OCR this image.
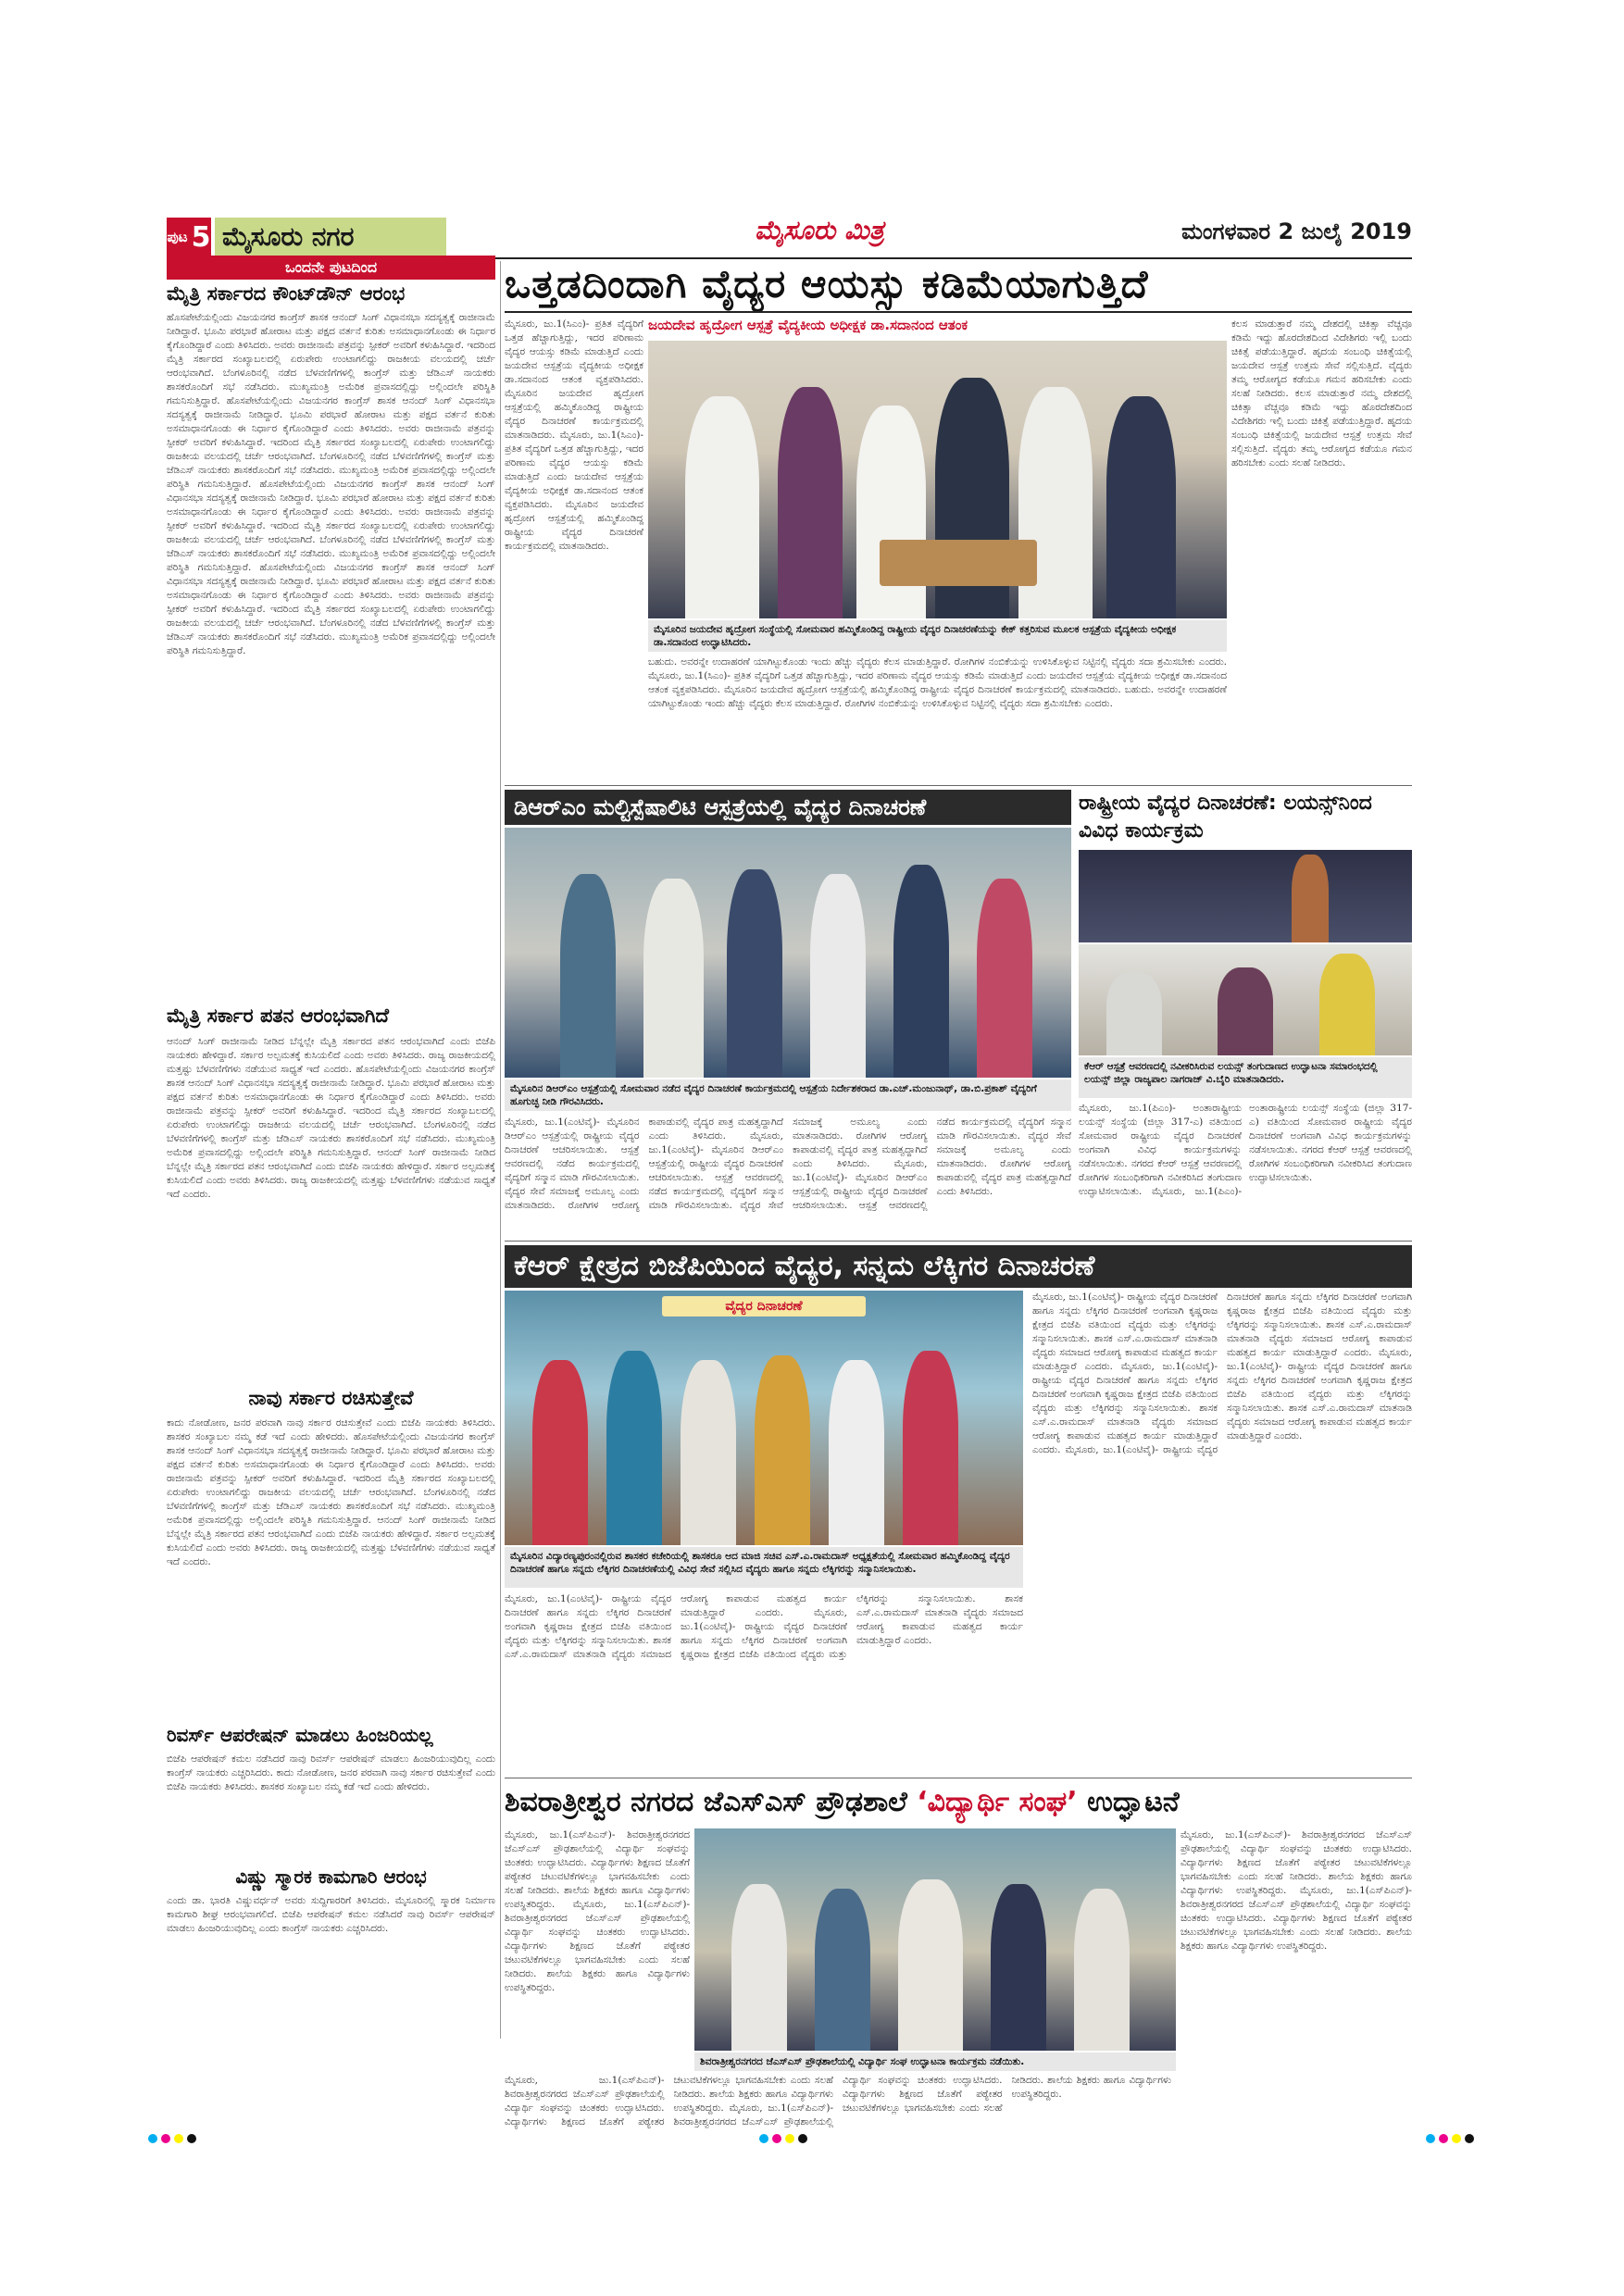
ಪುಟ 5 ಮೈಸೂರು ನಗರ	ಮೈಸೂರು ಮಿತ್ರ	ಮಂಗಳವಾರ 2 ಜುಲೈ 2019
ಒಂದನೇ ಪುಟದಿಂದ
ಮೈತ್ರಿ ಸರ್ಕಾರದ ಕೌಂಟ್‌ಡೌನ್ ಆರಂಭ
ಹೊಸಪೇಟೆಯಲ್ಲಿಂದು ವಿಜಯನಗರ ಕಾಂಗ್ರೆಸ್ ಶಾಸಕ ಆನಂದ್ ಸಿಂಗ್ ವಿಧಾನಸಭಾ ಸದಸ್ಯತ್ವಕ್ಕೆ ರಾಜೀನಾಮೆ ನೀಡಿದ್ದಾರೆ. ಭೂಮಿ ಪರಭಾರೆ ಹೋರಾಟ ಮತ್ತು ಪಕ್ಷದ ವರ್ತನೆ ಕುರಿತು ಅಸಮಾಧಾನಗೊಂಡು ಈ ನಿರ್ಧಾರ ಕೈಗೊಂಡಿದ್ದಾರೆ ಎಂದು ತಿಳಿಸಿದರು. ಅವರು ರಾಜೀನಾಮೆ ಪತ್ರವನ್ನು ಸ್ಪೀಕರ್ ಅವರಿಗೆ ಕಳುಹಿಸಿದ್ದಾರೆ. ಇದರಿಂದ ಮೈತ್ರಿ ಸರ್ಕಾರದ ಸಂಖ್ಯಾಬಲದಲ್ಲಿ ಏರುಪೇರು ಉಂಟಾಗಲಿದ್ದು ರಾಜಕೀಯ ವಲಯದಲ್ಲಿ ಚರ್ಚೆ ಆರಂಭವಾಗಿದೆ. ಬೆಂಗಳೂರಿನಲ್ಲಿ ನಡೆದ ಬೆಳವಣಿಗೆಗಳಲ್ಲಿ ಕಾಂಗ್ರೆಸ್ ಮತ್ತು ಜೆಡಿಎಸ್ ನಾಯಕರು ಶಾಸಕರೊಂದಿಗೆ ಸಭೆ ನಡೆಸಿದರು. ಮುಖ್ಯಮಂತ್ರಿ ಅಮೆರಿಕ ಪ್ರವಾಸದಲ್ಲಿದ್ದು ಅಲ್ಲಿಂದಲೇ ಪರಿಸ್ಥಿತಿ ಗಮನಿಸುತ್ತಿದ್ದಾರೆ. ಹೊಸಪೇಟೆಯಲ್ಲಿಂದು ವಿಜಯನಗರ ಕಾಂಗ್ರೆಸ್ ಶಾಸಕ ಆನಂದ್ ಸಿಂಗ್ ವಿಧಾನಸಭಾ ಸದಸ್ಯತ್ವಕ್ಕೆ ರಾಜೀನಾಮೆ ನೀಡಿದ್ದಾರೆ. ಭೂಮಿ ಪರಭಾರೆ ಹೋರಾಟ ಮತ್ತು ಪಕ್ಷದ ವರ್ತನೆ ಕುರಿತು ಅಸಮಾಧಾನಗೊಂಡು ಈ ನಿರ್ಧಾರ ಕೈಗೊಂಡಿದ್ದಾರೆ ಎಂದು ತಿಳಿಸಿದರು. ಅವರು ರಾಜೀನಾಮೆ ಪತ್ರವನ್ನು ಸ್ಪೀಕರ್ ಅವರಿಗೆ ಕಳುಹಿಸಿದ್ದಾರೆ. ಇದರಿಂದ ಮೈತ್ರಿ ಸರ್ಕಾರದ ಸಂಖ್ಯಾಬಲದಲ್ಲಿ ಏರುಪೇರು ಉಂಟಾಗಲಿದ್ದು ರಾಜಕೀಯ ವಲಯದಲ್ಲಿ ಚರ್ಚೆ ಆರಂಭವಾಗಿದೆ. ಬೆಂಗಳೂರಿನಲ್ಲಿ ನಡೆದ ಬೆಳವಣಿಗೆಗಳಲ್ಲಿ ಕಾಂಗ್ರೆಸ್ ಮತ್ತು ಜೆಡಿಎಸ್ ನಾಯಕರು ಶಾಸಕರೊಂದಿಗೆ ಸಭೆ ನಡೆಸಿದರು. ಮುಖ್ಯಮಂತ್ರಿ ಅಮೆರಿಕ ಪ್ರವಾಸದಲ್ಲಿದ್ದು ಅಲ್ಲಿಂದಲೇ ಪರಿಸ್ಥಿತಿ ಗಮನಿಸುತ್ತಿದ್ದಾರೆ. ಹೊಸಪೇಟೆಯಲ್ಲಿಂದು ವಿಜಯನಗರ ಕಾಂಗ್ರೆಸ್ ಶಾಸಕ ಆನಂದ್ ಸಿಂಗ್ ವಿಧಾನಸಭಾ ಸದಸ್ಯತ್ವಕ್ಕೆ ರಾಜೀನಾಮೆ ನೀಡಿದ್ದಾರೆ. ಭೂಮಿ ಪರಭಾರೆ ಹೋರಾಟ ಮತ್ತು ಪಕ್ಷದ ವರ್ತನೆ ಕುರಿತು ಅಸಮಾಧಾನಗೊಂಡು ಈ ನಿರ್ಧಾರ ಕೈಗೊಂಡಿದ್ದಾರೆ ಎಂದು ತಿಳಿಸಿದರು. ಅವರು ರಾಜೀನಾಮೆ ಪತ್ರವನ್ನು ಸ್ಪೀಕರ್ ಅವರಿಗೆ ಕಳುಹಿಸಿದ್ದಾರೆ. ಇದರಿಂದ ಮೈತ್ರಿ ಸರ್ಕಾರದ ಸಂಖ್ಯಾಬಲದಲ್ಲಿ ಏರುಪೇರು ಉಂಟಾಗಲಿದ್ದು ರಾಜಕೀಯ ವಲಯದಲ್ಲಿ ಚರ್ಚೆ ಆರಂಭವಾಗಿದೆ. ಬೆಂಗಳೂರಿನಲ್ಲಿ ನಡೆದ ಬೆಳವಣಿಗೆಗಳಲ್ಲಿ ಕಾಂಗ್ರೆಸ್ ಮತ್ತು ಜೆಡಿಎಸ್ ನಾಯಕರು ಶಾಸಕರೊಂದಿಗೆ ಸಭೆ ನಡೆಸಿದರು. ಮುಖ್ಯಮಂತ್ರಿ ಅಮೆರಿಕ ಪ್ರವಾಸದಲ್ಲಿದ್ದು ಅಲ್ಲಿಂದಲೇ ಪರಿಸ್ಥಿತಿ ಗಮನಿಸುತ್ತಿದ್ದಾರೆ. ಹೊಸಪೇಟೆಯಲ್ಲಿಂದು ವಿಜಯನಗರ ಕಾಂಗ್ರೆಸ್ ಶಾಸಕ ಆನಂದ್ ಸಿಂಗ್ ವಿಧಾನಸಭಾ ಸದಸ್ಯತ್ವಕ್ಕೆ ರಾಜೀನಾಮೆ ನೀಡಿದ್ದಾರೆ. ಭೂಮಿ ಪರಭಾರೆ ಹೋರಾಟ ಮತ್ತು ಪಕ್ಷದ ವರ್ತನೆ ಕುರಿತು ಅಸಮಾಧಾನಗೊಂಡು ಈ ನಿರ್ಧಾರ ಕೈಗೊಂಡಿದ್ದಾರೆ ಎಂದು ತಿಳಿಸಿದರು. ಅವರು ರಾಜೀನಾಮೆ ಪತ್ರವನ್ನು ಸ್ಪೀಕರ್ ಅವರಿಗೆ ಕಳುಹಿಸಿದ್ದಾರೆ. ಇದರಿಂದ ಮೈತ್ರಿ ಸರ್ಕಾರದ ಸಂಖ್ಯಾಬಲದಲ್ಲಿ ಏರುಪೇರು ಉಂಟಾಗಲಿದ್ದು ರಾಜಕೀಯ ವಲಯದಲ್ಲಿ ಚರ್ಚೆ ಆರಂಭವಾಗಿದೆ. ಬೆಂಗಳೂರಿನಲ್ಲಿ ನಡೆದ ಬೆಳವಣಿಗೆಗಳಲ್ಲಿ ಕಾಂಗ್ರೆಸ್ ಮತ್ತು ಜೆಡಿಎಸ್ ನಾಯಕರು ಶಾಸಕರೊಂದಿಗೆ ಸಭೆ ನಡೆಸಿದರು. ಮುಖ್ಯಮಂತ್ರಿ ಅಮೆರಿಕ ಪ್ರವಾಸದಲ್ಲಿದ್ದು ಅಲ್ಲಿಂದಲೇ ಪರಿಸ್ಥಿತಿ ಗಮನಿಸುತ್ತಿದ್ದಾರೆ.
ಮೈತ್ರಿ ಸರ್ಕಾರ ಪತನ ಆರಂಭವಾಗಿದೆ
ಆನಂದ್ ಸಿಂಗ್ ರಾಜೀನಾಮೆ ನೀಡಿದ ಬೆನ್ನಲ್ಲೇ ಮೈತ್ರಿ ಸರ್ಕಾರದ ಪತನ ಆರಂಭವಾಗಿದೆ ಎಂದು ಬಿಜೆಪಿ ನಾಯಕರು ಹೇಳಿದ್ದಾರೆ. ಸರ್ಕಾರ ಅಲ್ಪಮತಕ್ಕೆ ಕುಸಿಯಲಿದೆ ಎಂದು ಅವರು ತಿಳಿಸಿದರು. ರಾಜ್ಯ ರಾಜಕೀಯದಲ್ಲಿ ಮತ್ತಷ್ಟು ಬೆಳವಣಿಗೆಗಳು ನಡೆಯುವ ಸಾಧ್ಯತೆ ಇದೆ ಎಂದರು. ಹೊಸಪೇಟೆಯಲ್ಲಿಂದು ವಿಜಯನಗರ ಕಾಂಗ್ರೆಸ್ ಶಾಸಕ ಆನಂದ್ ಸಿಂಗ್ ವಿಧಾನಸಭಾ ಸದಸ್ಯತ್ವಕ್ಕೆ ರಾಜೀನಾಮೆ ನೀಡಿದ್ದಾರೆ. ಭೂಮಿ ಪರಭಾರೆ ಹೋರಾಟ ಮತ್ತು ಪಕ್ಷದ ವರ್ತನೆ ಕುರಿತು ಅಸಮಾಧಾನಗೊಂಡು ಈ ನಿರ್ಧಾರ ಕೈಗೊಂಡಿದ್ದಾರೆ ಎಂದು ತಿಳಿಸಿದರು. ಅವರು ರಾಜೀನಾಮೆ ಪತ್ರವನ್ನು ಸ್ಪೀಕರ್ ಅವರಿಗೆ ಕಳುಹಿಸಿದ್ದಾರೆ. ಇದರಿಂದ ಮೈತ್ರಿ ಸರ್ಕಾರದ ಸಂಖ್ಯಾಬಲದಲ್ಲಿ ಏರುಪೇರು ಉಂಟಾಗಲಿದ್ದು ರಾಜಕೀಯ ವಲಯದಲ್ಲಿ ಚರ್ಚೆ ಆರಂಭವಾಗಿದೆ. ಬೆಂಗಳೂರಿನಲ್ಲಿ ನಡೆದ ಬೆಳವಣಿಗೆಗಳಲ್ಲಿ ಕಾಂಗ್ರೆಸ್ ಮತ್ತು ಜೆಡಿಎಸ್ ನಾಯಕರು ಶಾಸಕರೊಂದಿಗೆ ಸಭೆ ನಡೆಸಿದರು. ಮುಖ್ಯಮಂತ್ರಿ ಅಮೆರಿಕ ಪ್ರವಾಸದಲ್ಲಿದ್ದು ಅಲ್ಲಿಂದಲೇ ಪರಿಸ್ಥಿತಿ ಗಮನಿಸುತ್ತಿದ್ದಾರೆ. ಆನಂದ್ ಸಿಂಗ್ ರಾಜೀನಾಮೆ ನೀಡಿದ ಬೆನ್ನಲ್ಲೇ ಮೈತ್ರಿ ಸರ್ಕಾರದ ಪತನ ಆರಂಭವಾಗಿದೆ ಎಂದು ಬಿಜೆಪಿ ನಾಯಕರು ಹೇಳಿದ್ದಾರೆ. ಸರ್ಕಾರ ಅಲ್ಪಮತಕ್ಕೆ ಕುಸಿಯಲಿದೆ ಎಂದು ಅವರು ತಿಳಿಸಿದರು. ರಾಜ್ಯ ರಾಜಕೀಯದಲ್ಲಿ ಮತ್ತಷ್ಟು ಬೆಳವಣಿಗೆಗಳು ನಡೆಯುವ ಸಾಧ್ಯತೆ ಇದೆ ಎಂದರು.
ನಾವು ಸರ್ಕಾರ ರಚಿಸುತ್ತೇವೆ
ಕಾದು ನೋಡೋಣ, ಜನರ ಪರವಾಗಿ ನಾವು ಸರ್ಕಾರ ರಚಿಸುತ್ತೇವೆ ಎಂದು ಬಿಜೆಪಿ ನಾಯಕರು ತಿಳಿಸಿದರು. ಶಾಸಕರ ಸಂಖ್ಯಾಬಲ ನಮ್ಮ ಕಡೆ ಇದೆ ಎಂದು ಹೇಳಿದರು. ಹೊಸಪೇಟೆಯಲ್ಲಿಂದು ವಿಜಯನಗರ ಕಾಂಗ್ರೆಸ್ ಶಾಸಕ ಆನಂದ್ ಸಿಂಗ್ ವಿಧಾನಸಭಾ ಸದಸ್ಯತ್ವಕ್ಕೆ ರಾಜೀನಾಮೆ ನೀಡಿದ್ದಾರೆ. ಭೂಮಿ ಪರಭಾರೆ ಹೋರಾಟ ಮತ್ತು ಪಕ್ಷದ ವರ್ತನೆ ಕುರಿತು ಅಸಮಾಧಾನಗೊಂಡು ಈ ನಿರ್ಧಾರ ಕೈಗೊಂಡಿದ್ದಾರೆ ಎಂದು ತಿಳಿಸಿದರು. ಅವರು ರಾಜೀನಾಮೆ ಪತ್ರವನ್ನು ಸ್ಪೀಕರ್ ಅವರಿಗೆ ಕಳುಹಿಸಿದ್ದಾರೆ. ಇದರಿಂದ ಮೈತ್ರಿ ಸರ್ಕಾರದ ಸಂಖ್ಯಾಬಲದಲ್ಲಿ ಏರುಪೇರು ಉಂಟಾಗಲಿದ್ದು ರಾಜಕೀಯ ವಲಯದಲ್ಲಿ ಚರ್ಚೆ ಆರಂಭವಾಗಿದೆ. ಬೆಂಗಳೂರಿನಲ್ಲಿ ನಡೆದ ಬೆಳವಣಿಗೆಗಳಲ್ಲಿ ಕಾಂಗ್ರೆಸ್ ಮತ್ತು ಜೆಡಿಎಸ್ ನಾಯಕರು ಶಾಸಕರೊಂದಿಗೆ ಸಭೆ ನಡೆಸಿದರು. ಮುಖ್ಯಮಂತ್ರಿ ಅಮೆರಿಕ ಪ್ರವಾಸದಲ್ಲಿದ್ದು ಅಲ್ಲಿಂದಲೇ ಪರಿಸ್ಥಿತಿ ಗಮನಿಸುತ್ತಿದ್ದಾರೆ. ಆನಂದ್ ಸಿಂಗ್ ರಾಜೀನಾಮೆ ನೀಡಿದ ಬೆನ್ನಲ್ಲೇ ಮೈತ್ರಿ ಸರ್ಕಾರದ ಪತನ ಆರಂಭವಾಗಿದೆ ಎಂದು ಬಿಜೆಪಿ ನಾಯಕರು ಹೇಳಿದ್ದಾರೆ. ಸರ್ಕಾರ ಅಲ್ಪಮತಕ್ಕೆ ಕುಸಿಯಲಿದೆ ಎಂದು ಅವರು ತಿಳಿಸಿದರು. ರಾಜ್ಯ ರಾಜಕೀಯದಲ್ಲಿ ಮತ್ತಷ್ಟು ಬೆಳವಣಿಗೆಗಳು ನಡೆಯುವ ಸಾಧ್ಯತೆ ಇದೆ ಎಂದರು.
ರಿವರ್ಸ್ ಆಪರೇಷನ್ ಮಾಡಲು ಹಿಂಜರಿಯಲ್ಲ
ಬಿಜೆಪಿ ಆಪರೇಷನ್ ಕಮಲ ನಡೆಸಿದರೆ ನಾವು ರಿವರ್ಸ್ ಆಪರೇಷನ್ ಮಾಡಲು ಹಿಂಜರಿಯುವುದಿಲ್ಲ ಎಂದು ಕಾಂಗ್ರೆಸ್ ನಾಯಕರು ಎಚ್ಚರಿಸಿದರು. ಕಾದು ನೋಡೋಣ, ಜನರ ಪರವಾಗಿ ನಾವು ಸರ್ಕಾರ ರಚಿಸುತ್ತೇವೆ ಎಂದು ಬಿಜೆಪಿ ನಾಯಕರು ತಿಳಿಸಿದರು. ಶಾಸಕರ ಸಂಖ್ಯಾಬಲ ನಮ್ಮ ಕಡೆ ಇದೆ ಎಂದು ಹೇಳಿದರು.
ವಿಷ್ಣು ಸ್ಮಾರಕ ಕಾಮಗಾರಿ ಆರಂಭ
ಎಂದು ಡಾ. ಭಾರತಿ ವಿಷ್ಣುವರ್ಧನ್ ಅವರು ಸುದ್ದಿಗಾರರಿಗೆ ತಿಳಿಸಿದರು. ಮೈಸೂರಿನಲ್ಲಿ ಸ್ಮಾರಕ ನಿರ್ಮಾಣ ಕಾಮಗಾರಿ ಶೀಘ್ರ ಆರಂಭವಾಗಲಿದೆ. ಬಿಜೆಪಿ ಆಪರೇಷನ್ ಕಮಲ ನಡೆಸಿದರೆ ನಾವು ರಿವರ್ಸ್ ಆಪರೇಷನ್ ಮಾಡಲು ಹಿಂಜರಿಯುವುದಿಲ್ಲ ಎಂದು ಕಾಂಗ್ರೆಸ್ ನಾಯಕರು ಎಚ್ಚರಿಸಿದರು.
ಒತ್ತಡದಿಂದಾಗಿ ವೈದ್ಯರ ಆಯಸ್ಸು ಕಡಿಮೆಯಾಗುತ್ತಿದೆ
ಮೈಸೂರು, ಜು.1(ಸಿಎಂ)- ಪ್ರತಿತ ವೈದ್ಯರಿಗೆ ಒತ್ತಡ ಹೆಚ್ಚಾಗುತ್ತಿದ್ದು, ಇದರ ಪರಿಣಾಮ ವೈದ್ಯರ ಆಯಸ್ಸು ಕಡಿಮೆ ಮಾಡುತ್ತಿದೆ ಎಂದು ಜಯದೇವ ಆಸ್ಪತ್ರೆಯ ವೈದ್ಯಕೀಯ ಅಧೀಕ್ಷಕ ಡಾ.ಸದಾನಂದ ಆತಂಕ ವ್ಯಕ್ತಪಡಿಸಿದರು. ಮೈಸೂರಿನ ಜಯದೇವ ಹೃದ್ರೋಗ ಆಸ್ಪತ್ರೆಯಲ್ಲಿ ಹಮ್ಮಿಕೊಂಡಿದ್ದ ರಾಷ್ಟ್ರೀಯ ವೈದ್ಯರ ದಿನಾಚರಣೆ ಕಾರ್ಯಕ್ರಮದಲ್ಲಿ ಮಾತನಾಡಿದರು. ಮೈಸೂರು, ಜು.1(ಸಿಎಂ)- ಪ್ರತಿತ ವೈದ್ಯರಿಗೆ ಒತ್ತಡ ಹೆಚ್ಚಾಗುತ್ತಿದ್ದು, ಇದರ ಪರಿಣಾಮ ವೈದ್ಯರ ಆಯಸ್ಸು ಕಡಿಮೆ ಮಾಡುತ್ತಿದೆ ಎಂದು ಜಯದೇವ ಆಸ್ಪತ್ರೆಯ ವೈದ್ಯಕೀಯ ಅಧೀಕ್ಷಕ ಡಾ.ಸದಾನಂದ ಆತಂಕ ವ್ಯಕ್ತಪಡಿಸಿದರು. ಮೈಸೂರಿನ ಜಯದೇವ ಹೃದ್ರೋಗ ಆಸ್ಪತ್ರೆಯಲ್ಲಿ ಹಮ್ಮಿಕೊಂಡಿದ್ದ ರಾಷ್ಟ್ರೀಯ ವೈದ್ಯರ ದಿನಾಚರಣೆ ಕಾರ್ಯಕ್ರಮದಲ್ಲಿ ಮಾತನಾಡಿದರು.
ಜಯದೇವ ಹೃದ್ರೋಗ ಆಸ್ಪತ್ರೆ ವೈದ್ಯಕೀಯ ಅಧೀಕ್ಷಕ ಡಾ.ಸದಾನಂದ ಆತಂಕ
ಮೈಸೂರಿನ ಜಯದೇವ ಹೃದ್ರೋಗ ಸಂಸ್ಥೆಯಲ್ಲಿ ಸೋಮವಾರ ಹಮ್ಮಿಕೊಂಡಿದ್ದ ರಾಷ್ಟ್ರೀಯ ವೈದ್ಯರ ದಿನಾಚರಣೆಯನ್ನು ಕೇಕ್ ಕತ್ತರಿಸುವ ಮೂಲಕ ಆಸ್ಪತ್ರೆಯ ವೈದ್ಯಕೀಯ ಅಧೀಕ್ಷಕ ಡಾ.ಸದಾನಂದ ಉದ್ಘಾಟಿಸಿದರು.
ಬಹುದು. ಅವರನ್ನೇ ಉದಾಹರಣೆ ಯಾಗಿಟ್ಟುಕೊಂಡು ಇಂದು ಹೆಚ್ಚು ವೈದ್ಯರು ಕೆಲಸ ಮಾಡುತ್ತಿದ್ದಾರೆ. ರೋಗಿಗಳ ನಂಬಿಕೆಯನ್ನು ಉಳಿಸಿಕೊಳ್ಳುವ ನಿಟ್ಟಿನಲ್ಲಿ ವೈದ್ಯರು ಸದಾ ಶ್ರಮಿಸಬೇಕು ಎಂದರು. ಮೈಸೂರು, ಜು.1(ಸಿಎಂ)- ಪ್ರತಿತ ವೈದ್ಯರಿಗೆ ಒತ್ತಡ ಹೆಚ್ಚಾಗುತ್ತಿದ್ದು, ಇದರ ಪರಿಣಾಮ ವೈದ್ಯರ ಆಯಸ್ಸು ಕಡಿಮೆ ಮಾಡುತ್ತಿದೆ ಎಂದು ಜಯದೇವ ಆಸ್ಪತ್ರೆಯ ವೈದ್ಯಕೀಯ ಅಧೀಕ್ಷಕ ಡಾ.ಸದಾನಂದ ಆತಂಕ ವ್ಯಕ್ತಪಡಿಸಿದರು. ಮೈಸೂರಿನ ಜಯದೇವ ಹೃದ್ರೋಗ ಆಸ್ಪತ್ರೆಯಲ್ಲಿ ಹಮ್ಮಿಕೊಂಡಿದ್ದ ರಾಷ್ಟ್ರೀಯ ವೈದ್ಯರ ದಿನಾಚರಣೆ ಕಾರ್ಯಕ್ರಮದಲ್ಲಿ ಮಾತನಾಡಿದರು. ಬಹುದು. ಅವರನ್ನೇ ಉದಾಹರಣೆ ಯಾಗಿಟ್ಟುಕೊಂಡು ಇಂದು ಹೆಚ್ಚು ವೈದ್ಯರು ಕೆಲಸ ಮಾಡುತ್ತಿದ್ದಾರೆ. ರೋಗಿಗಳ ನಂಬಿಕೆಯನ್ನು ಉಳಿಸಿಕೊಳ್ಳುವ ನಿಟ್ಟಿನಲ್ಲಿ ವೈದ್ಯರು ಸದಾ ಶ್ರಮಿಸಬೇಕು ಎಂದರು.
ಕಲಸ ಮಾಡುತ್ತಾರೆ ನಮ್ಮ ದೇಶದಲ್ಲಿ ಚಿಕಿತ್ಸಾ ವೆಚ್ಚವೂ ಕಡಿಮೆ ಇದ್ದು ಹೊರದೇಶದಿಂದ ವಿದೇಶಿಗರು ಇಲ್ಲಿ ಬಂದು ಚಿಕಿತ್ಸೆ ಪಡೆಯುತ್ತಿದ್ದಾರೆ. ಹೃದಯ ಸಂಬಂಧಿ ಚಿಕಿತ್ಸೆಯಲ್ಲಿ ಜಯದೇವ ಆಸ್ಪತ್ರೆ ಉತ್ತಮ ಸೇವೆ ಸಲ್ಲಿಸುತ್ತಿದೆ. ವೈದ್ಯರು ತಮ್ಮ ಆರೋಗ್ಯದ ಕಡೆಯೂ ಗಮನ ಹರಿಸಬೇಕು ಎಂದು ಸಲಹೆ ನೀಡಿದರು. ಕಲಸ ಮಾಡುತ್ತಾರೆ ನಮ್ಮ ದೇಶದಲ್ಲಿ ಚಿಕಿತ್ಸಾ ವೆಚ್ಚವೂ ಕಡಿಮೆ ಇದ್ದು ಹೊರದೇಶದಿಂದ ವಿದೇಶಿಗರು ಇಲ್ಲಿ ಬಂದು ಚಿಕಿತ್ಸೆ ಪಡೆಯುತ್ತಿದ್ದಾರೆ. ಹೃದಯ ಸಂಬಂಧಿ ಚಿಕಿತ್ಸೆಯಲ್ಲಿ ಜಯದೇವ ಆಸ್ಪತ್ರೆ ಉತ್ತಮ ಸೇವೆ ಸಲ್ಲಿಸುತ್ತಿದೆ. ವೈದ್ಯರು ತಮ್ಮ ಆರೋಗ್ಯದ ಕಡೆಯೂ ಗಮನ ಹರಿಸಬೇಕು ಎಂದು ಸಲಹೆ ನೀಡಿದರು.
ಡಿಆರ್‌ಎಂ ಮಲ್ಟಿಸ್ಪೆಷಾಲಿಟಿ ಆಸ್ಪತ್ರೆಯಲ್ಲಿ ವೈದ್ಯರ ದಿನಾಚರಣೆ
ಮೈಸೂರಿನ ಡಿಆರ್‌ಎಂ ಆಸ್ಪತ್ರೆಯಲ್ಲಿ ಸೋಮವಾರ ನಡೆದ ವೈದ್ಯರ ದಿನಾಚರಣೆ ಕಾರ್ಯಕ್ರಮದಲ್ಲಿ ಆಸ್ಪತ್ರೆಯ ನಿರ್ದೇಶಕರಾದ ಡಾ.ಎಚ್.ಮಂಜುನಾಥ್, ಡಾ.ಬಿ.ಪ್ರಕಾಶ್ ವೈದ್ಯರಿಗೆ ಹೂಗುಚ್ಛ ನೀಡಿ ಗೌರವಿಸಿದರು.
ಮೈಸೂರು, ಜು.1(ಎಂಟಿವೈ)- ಮೈಸೂರಿನ ಡಿಆರ್‌ಎಂ ಆಸ್ಪತ್ರೆಯಲ್ಲಿ ರಾಷ್ಟ್ರೀಯ ವೈದ್ಯರ ದಿನಾಚರಣೆ ಆಚರಿಸಲಾಯಿತು. ಆಸ್ಪತ್ರೆ ಆವರಣದಲ್ಲಿ ನಡೆದ ಕಾರ್ಯಕ್ರಮದಲ್ಲಿ ವೈದ್ಯರಿಗೆ ಸನ್ಮಾನ ಮಾಡಿ ಗೌರವಿಸಲಾಯಿತು. ವೈದ್ಯರ ಸೇವೆ ಸಮಾಜಕ್ಕೆ ಅಮೂಲ್ಯ ಎಂದು ಮಾತನಾಡಿದರು. ರೋಗಿಗಳ ಆರೋಗ್ಯ ಕಾಪಾಡುವಲ್ಲಿ ವೈದ್ಯರ ಪಾತ್ರ ಮಹತ್ವದ್ದಾಗಿದೆ ಎಂದು ತಿಳಿಸಿದರು. ಮೈಸೂರು, ಜು.1(ಎಂಟಿವೈ)- ಮೈಸೂರಿನ ಡಿಆರ್‌ಎಂ ಆಸ್ಪತ್ರೆಯಲ್ಲಿ ರಾಷ್ಟ್ರೀಯ ವೈದ್ಯರ ದಿನಾಚರಣೆ ಆಚರಿಸಲಾಯಿತು. ಆಸ್ಪತ್ರೆ ಆವರಣದಲ್ಲಿ ನಡೆದ ಕಾರ್ಯಕ್ರಮದಲ್ಲಿ ವೈದ್ಯರಿಗೆ ಸನ್ಮಾನ ಮಾಡಿ ಗೌರವಿಸಲಾಯಿತು. ವೈದ್ಯರ ಸೇವೆ ಸಮಾಜಕ್ಕೆ ಅಮೂಲ್ಯ ಎಂದು ಮಾತನಾಡಿದರು. ರೋಗಿಗಳ ಆರೋಗ್ಯ ಕಾಪಾಡುವಲ್ಲಿ ವೈದ್ಯರ ಪಾತ್ರ ಮಹತ್ವದ್ದಾಗಿದೆ ಎಂದು ತಿಳಿಸಿದರು. ಮೈಸೂರು, ಜು.1(ಎಂಟಿವೈ)- ಮೈಸೂರಿನ ಡಿಆರ್‌ಎಂ ಆಸ್ಪತ್ರೆಯಲ್ಲಿ ರಾಷ್ಟ್ರೀಯ ವೈದ್ಯರ ದಿನಾಚರಣೆ ಆಚರಿಸಲಾಯಿತು. ಆಸ್ಪತ್ರೆ ಆವರಣದಲ್ಲಿ ನಡೆದ ಕಾರ್ಯಕ್ರಮದಲ್ಲಿ ವೈದ್ಯರಿಗೆ ಸನ್ಮಾನ ಮಾಡಿ ಗೌರವಿಸಲಾಯಿತು. ವೈದ್ಯರ ಸೇವೆ ಸಮಾಜಕ್ಕೆ ಅಮೂಲ್ಯ ಎಂದು ಮಾತನಾಡಿದರು. ರೋಗಿಗಳ ಆರೋಗ್ಯ ಕಾಪಾಡುವಲ್ಲಿ ವೈದ್ಯರ ಪಾತ್ರ ಮಹತ್ವದ್ದಾಗಿದೆ ಎಂದು ತಿಳಿಸಿದರು.
ರಾಷ್ಟ್ರೀಯ ವೈದ್ಯರ ದಿನಾಚರಣೆ: ಲಯನ್ಸ್‌ನಿಂದ ವಿವಿಧ ಕಾರ್ಯಕ್ರಮ
ಕೆಆರ್ ಆಸ್ಪತ್ರೆ ಆವರಣದಲ್ಲಿ ನವೀಕರಿಸಿರುವ ಲಯನ್ಸ್ ತಂಗುದಾಣದ ಉದ್ಘಾಟನಾ ಸಮಾರಂಭದಲ್ಲಿ ಲಯನ್ಸ್ ಜಿಲ್ಲಾ ರಾಜ್ಯಪಾಲ ನಾಗರಾಜ್ ವಿ.ಬೈರಿ ಮಾತನಾಡಿದರು.
ಮೈಸೂರು, ಜು.1(ಪಿಎಂ)- ಅಂತಾರಾಷ್ಟ್ರೀಯ ಲಯನ್ಸ್ ಸಂಸ್ಥೆಯ (ಜಿಲ್ಲಾ 317-ಎ) ವತಿಯಿಂದ ಸೋಮವಾರ ರಾಷ್ಟ್ರೀಯ ವೈದ್ಯರ ದಿನಾಚರಣೆ ಅಂಗವಾಗಿ ವಿವಿಧ ಕಾರ್ಯಕ್ರಮಗಳನ್ನು ನಡೆಸಲಾಯಿತು. ನಗರದ ಕೆಆರ್ ಆಸ್ಪತ್ರೆ ಆವರಣದಲ್ಲಿ ರೋಗಿಗಳ ಸಂಬಂಧಿಕರಿಗಾಗಿ ನವೀಕರಿಸಿದ ತಂಗುದಾಣ ಉದ್ಘಾಟಿಸಲಾಯಿತು. ಮೈಸೂರು, ಜು.1(ಪಿಎಂ)- ಅಂತಾರಾಷ್ಟ್ರೀಯ ಲಯನ್ಸ್ ಸಂಸ್ಥೆಯ (ಜಿಲ್ಲಾ 317-ಎ) ವತಿಯಿಂದ ಸೋಮವಾರ ರಾಷ್ಟ್ರೀಯ ವೈದ್ಯರ ದಿನಾಚರಣೆ ಅಂಗವಾಗಿ ವಿವಿಧ ಕಾರ್ಯಕ್ರಮಗಳನ್ನು ನಡೆಸಲಾಯಿತು. ನಗರದ ಕೆಆರ್ ಆಸ್ಪತ್ರೆ ಆವರಣದಲ್ಲಿ ರೋಗಿಗಳ ಸಂಬಂಧಿಕರಿಗಾಗಿ ನವೀಕರಿಸಿದ ತಂಗುದಾಣ ಉದ್ಘಾಟಿಸಲಾಯಿತು.
ಕೆಆರ್ ಕ್ಷೇತ್ರದ ಬಿಜೆಪಿಯಿಂದ ವೈದ್ಯರ, ಸನ್ನದು ಲೆಕ್ಕಿಗರ ದಿನಾಚರಣೆ
ವೈದ್ಯರ ದಿನಾಚರಣೆ
ಮೈಸೂರಿನ ವಿದ್ಯಾರಣ್ಯಪುರಂನಲ್ಲಿರುವ ಶಾಸಕರ ಕಚೇರಿಯಲ್ಲಿ ಶಾಸಕರೂ ಆದ ಮಾಜಿ ಸಚಿವ ಎಸ್.ಎ.ರಾಮದಾಸ್ ಅಧ್ಯಕ್ಷತೆಯಲ್ಲಿ ಸೋಮವಾರ ಹಮ್ಮಿಕೊಂಡಿದ್ದ ವೈದ್ಯರ ದಿನಾಚರಣೆ ಹಾಗೂ ಸನ್ನದು ಲೆಕ್ಕಿಗರ ದಿನಾಚರಣೆಯಲ್ಲಿ ವಿವಿಧ ಸೇವೆ ಸಲ್ಲಿಸಿದ ವೈದ್ಯರು ಹಾಗೂ ಸನ್ನದು ಲೆಕ್ಕಿಗರನ್ನು ಸನ್ಮಾನಿಸಲಾಯಿತು.
ಮೈಸೂರು, ಜು.1(ಎಂಟಿವೈ)- ರಾಷ್ಟ್ರೀಯ ವೈದ್ಯರ ದಿನಾಚರಣೆ ಹಾಗೂ ಸನ್ನದು ಲೆಕ್ಕಿಗರ ದಿನಾಚರಣೆ ಅಂಗವಾಗಿ ಕೃಷ್ಣರಾಜ ಕ್ಷೇತ್ರದ ಬಿಜೆಪಿ ವತಿಯಿಂದ ವೈದ್ಯರು ಮತ್ತು ಲೆಕ್ಕಿಗರನ್ನು ಸನ್ಮಾನಿಸಲಾಯಿತು. ಶಾಸಕ ಎಸ್.ಎ.ರಾಮದಾಸ್ ಮಾತನಾಡಿ ವೈದ್ಯರು ಸಮಾಜದ ಆರೋಗ್ಯ ಕಾಪಾಡುವ ಮಹತ್ವದ ಕಾರ್ಯ ಮಾಡುತ್ತಿದ್ದಾರೆ ಎಂದರು. ಮೈಸೂರು, ಜು.1(ಎಂಟಿವೈ)- ರಾಷ್ಟ್ರೀಯ ವೈದ್ಯರ ದಿನಾಚರಣೆ ಹಾಗೂ ಸನ್ನದು ಲೆಕ್ಕಿಗರ ದಿನಾಚರಣೆ ಅಂಗವಾಗಿ ಕೃಷ್ಣರಾಜ ಕ್ಷೇತ್ರದ ಬಿಜೆಪಿ ವತಿಯಿಂದ ವೈದ್ಯರು ಮತ್ತು ಲೆಕ್ಕಿಗರನ್ನು ಸನ್ಮಾನಿಸಲಾಯಿತು. ಶಾಸಕ ಎಸ್.ಎ.ರಾಮದಾಸ್ ಮಾತನಾಡಿ ವೈದ್ಯರು ಸಮಾಜದ ಆರೋಗ್ಯ ಕಾಪಾಡುವ ಮಹತ್ವದ ಕಾರ್ಯ ಮಾಡುತ್ತಿದ್ದಾರೆ ಎಂದರು. ಮೈಸೂರು, ಜು.1(ಎಂಟಿವೈ)- ರಾಷ್ಟ್ರೀಯ ವೈದ್ಯರ ದಿನಾಚರಣೆ ಹಾಗೂ ಸನ್ನದು ಲೆಕ್ಕಿಗರ ದಿನಾಚರಣೆ ಅಂಗವಾಗಿ ಕೃಷ್ಣರಾಜ ಕ್ಷೇತ್ರದ ಬಿಜೆಪಿ ವತಿಯಿಂದ ವೈದ್ಯರು ಮತ್ತು ಲೆಕ್ಕಿಗರನ್ನು ಸನ್ಮಾನಿಸಲಾಯಿತು. ಶಾಸಕ ಎಸ್.ಎ.ರಾಮದಾಸ್ ಮಾತನಾಡಿ ವೈದ್ಯರು ಸಮಾಜದ ಆರೋಗ್ಯ ಕಾಪಾಡುವ ಮಹತ್ವದ ಕಾರ್ಯ ಮಾಡುತ್ತಿದ್ದಾರೆ ಎಂದರು. ಮೈಸೂರು, ಜು.1(ಎಂಟಿವೈ)- ರಾಷ್ಟ್ರೀಯ ವೈದ್ಯರ ದಿನಾಚರಣೆ ಹಾಗೂ ಸನ್ನದು ಲೆಕ್ಕಿಗರ ದಿನಾಚರಣೆ ಅಂಗವಾಗಿ ಕೃಷ್ಣರಾಜ ಕ್ಷೇತ್ರದ ಬಿಜೆಪಿ ವತಿಯಿಂದ ವೈದ್ಯರು ಮತ್ತು ಲೆಕ್ಕಿಗರನ್ನು ಸನ್ಮಾನಿಸಲಾಯಿತು. ಶಾಸಕ ಎಸ್.ಎ.ರಾಮದಾಸ್ ಮಾತನಾಡಿ ವೈದ್ಯರು ಸಮಾಜದ ಆರೋಗ್ಯ ಕಾಪಾಡುವ ಮಹತ್ವದ ಕಾರ್ಯ ಮಾಡುತ್ತಿದ್ದಾರೆ ಎಂದರು.
ಮೈಸೂರು, ಜು.1(ಎಂಟಿವೈ)- ರಾಷ್ಟ್ರೀಯ ವೈದ್ಯರ ದಿನಾಚರಣೆ ಹಾಗೂ ಸನ್ನದು ಲೆಕ್ಕಿಗರ ದಿನಾಚರಣೆ ಅಂಗವಾಗಿ ಕೃಷ್ಣರಾಜ ಕ್ಷೇತ್ರದ ಬಿಜೆಪಿ ವತಿಯಿಂದ ವೈದ್ಯರು ಮತ್ತು ಲೆಕ್ಕಿಗರನ್ನು ಸನ್ಮಾನಿಸಲಾಯಿತು. ಶಾಸಕ ಎಸ್.ಎ.ರಾಮದಾಸ್ ಮಾತನಾಡಿ ವೈದ್ಯರು ಸಮಾಜದ ಆರೋಗ್ಯ ಕಾಪಾಡುವ ಮಹತ್ವದ ಕಾರ್ಯ ಮಾಡುತ್ತಿದ್ದಾರೆ ಎಂದರು.	ಮೈಸೂರು, ಜು.1(ಎಂಟಿವೈ)- ರಾಷ್ಟ್ರೀಯ ವೈದ್ಯರ ದಿನಾಚರಣೆ ಹಾಗೂ ಸನ್ನದು ಲೆಕ್ಕಿಗರ ದಿನಾಚರಣೆ ಅಂಗವಾಗಿ ಕೃಷ್ಣರಾಜ ಕ್ಷೇತ್ರದ ಬಿಜೆಪಿ ವತಿಯಿಂದ ವೈದ್ಯರು ಮತ್ತು ಲೆಕ್ಕಿಗರನ್ನು ಸನ್ಮಾನಿಸಲಾಯಿತು. ಶಾಸಕ ಎಸ್.ಎ.ರಾಮದಾಸ್ ಮಾತನಾಡಿ ವೈದ್ಯರು ಸಮಾಜದ ಆರೋಗ್ಯ ಕಾಪಾಡುವ ಮಹತ್ವದ ಕಾರ್ಯ ಮಾಡುತ್ತಿದ್ದಾರೆ ಎಂದರು.
ಶಿವರಾತ್ರೀಶ್ವರ ನಗರದ ಜೆಎಸ್‌ಎಸ್ ಪ್ರೌಢಶಾಲೆ ‘ವಿದ್ಯಾರ್ಥಿ ಸಂಘ’ ಉದ್ಘಾಟನೆ
ಮೈಸೂರು, ಜು.1(ಎಸ್‌ಪಿಎನ್)- ಶಿವರಾತ್ರೀಶ್ವರನಗರದ ಜೆಎಸ್‌ಎಸ್ ಪ್ರೌಢಶಾಲೆಯಲ್ಲಿ ವಿದ್ಯಾರ್ಥಿ ಸಂಘವನ್ನು ಚಿಂತಕರು ಉದ್ಘಾಟಿಸಿದರು. ವಿದ್ಯಾರ್ಥಿಗಳು ಶಿಕ್ಷಣದ ಜೊತೆಗೆ ಪಠ್ಯೇತರ ಚಟುವಟಿಕೆಗಳಲ್ಲೂ ಭಾಗವಹಿಸಬೇಕು ಎಂದು ಸಲಹೆ ನೀಡಿದರು. ಶಾಲೆಯ ಶಿಕ್ಷಕರು ಹಾಗೂ ವಿದ್ಯಾರ್ಥಿಗಳು ಉಪಸ್ಥಿತರಿದ್ದರು. ಮೈಸೂರು, ಜು.1(ಎಸ್‌ಪಿಎನ್)- ಶಿವರಾತ್ರೀಶ್ವರನಗರದ ಜೆಎಸ್‌ಎಸ್ ಪ್ರೌಢಶಾಲೆಯಲ್ಲಿ ವಿದ್ಯಾರ್ಥಿ ಸಂಘವನ್ನು ಚಿಂತಕರು ಉದ್ಘಾಟಿಸಿದರು. ವಿದ್ಯಾರ್ಥಿಗಳು ಶಿಕ್ಷಣದ ಜೊತೆಗೆ ಪಠ್ಯೇತರ ಚಟುವಟಿಕೆಗಳಲ್ಲೂ ಭಾಗವಹಿಸಬೇಕು ಎಂದು ಸಲಹೆ ನೀಡಿದರು. ಶಾಲೆಯ ಶಿಕ್ಷಕರು ಹಾಗೂ ವಿದ್ಯಾರ್ಥಿಗಳು ಉಪಸ್ಥಿತರಿದ್ದರು.
ಶಿವರಾತ್ರೀಶ್ವರನಗರದ ಜೆಎಸ್‌ಎಸ್ ಪ್ರೌಢಶಾಲೆಯಲ್ಲಿ ವಿದ್ಯಾರ್ಥಿ ಸಂಘ ಉದ್ಘಾಟನಾ ಕಾರ್ಯಕ್ರಮ ನಡೆಯಿತು.
ಮೈಸೂರು, ಜು.1(ಎಸ್‌ಪಿಎನ್)- ಶಿವರಾತ್ರೀಶ್ವರನಗರದ ಜೆಎಸ್‌ಎಸ್ ಪ್ರೌಢಶಾಲೆಯಲ್ಲಿ ವಿದ್ಯಾರ್ಥಿ ಸಂಘವನ್ನು ಚಿಂತಕರು ಉದ್ಘಾಟಿಸಿದರು. ವಿದ್ಯಾರ್ಥಿಗಳು ಶಿಕ್ಷಣದ ಜೊತೆಗೆ ಪಠ್ಯೇತರ ಚಟುವಟಿಕೆಗಳಲ್ಲೂ ಭಾಗವಹಿಸಬೇಕು ಎಂದು ಸಲಹೆ ನೀಡಿದರು. ಶಾಲೆಯ ಶಿಕ್ಷಕರು ಹಾಗೂ ವಿದ್ಯಾರ್ಥಿಗಳು ಉಪಸ್ಥಿತರಿದ್ದರು. ಮೈಸೂರು, ಜು.1(ಎಸ್‌ಪಿಎನ್)- ಶಿವರಾತ್ರೀಶ್ವರನಗರದ ಜೆಎಸ್‌ಎಸ್ ಪ್ರೌಢಶಾಲೆಯಲ್ಲಿ ವಿದ್ಯಾರ್ಥಿ ಸಂಘವನ್ನು ಚಿಂತಕರು ಉದ್ಘಾಟಿಸಿದರು. ವಿದ್ಯಾರ್ಥಿಗಳು ಶಿಕ್ಷಣದ ಜೊತೆಗೆ ಪಠ್ಯೇತರ ಚಟುವಟಿಕೆಗಳಲ್ಲೂ ಭಾಗವಹಿಸಬೇಕು ಎಂದು ಸಲಹೆ ನೀಡಿದರು. ಶಾಲೆಯ ಶಿಕ್ಷಕರು ಹಾಗೂ ವಿದ್ಯಾರ್ಥಿಗಳು ಉಪಸ್ಥಿತರಿದ್ದರು.
ಮೈಸೂರು, ಜು.1(ಎಸ್‌ಪಿಎನ್)- ಶಿವರಾತ್ರೀಶ್ವರನಗರದ ಜೆಎಸ್‌ಎಸ್ ಪ್ರೌಢಶಾಲೆಯಲ್ಲಿ ವಿದ್ಯಾರ್ಥಿ ಸಂಘವನ್ನು ಚಿಂತಕರು ಉದ್ಘಾಟಿಸಿದರು. ವಿದ್ಯಾರ್ಥಿಗಳು ಶಿಕ್ಷಣದ ಜೊತೆಗೆ ಪಠ್ಯೇತರ ಚಟುವಟಿಕೆಗಳಲ್ಲೂ ಭಾಗವಹಿಸಬೇಕು ಎಂದು ಸಲಹೆ ನೀಡಿದರು. ಶಾಲೆಯ ಶಿಕ್ಷಕರು ಹಾಗೂ ವಿದ್ಯಾರ್ಥಿಗಳು ಉಪಸ್ಥಿತರಿದ್ದರು. ಮೈಸೂರು, ಜು.1(ಎಸ್‌ಪಿಎನ್)- ಶಿವರಾತ್ರೀಶ್ವರನಗರದ ಜೆಎಸ್‌ಎಸ್ ಪ್ರೌಢಶಾಲೆಯಲ್ಲಿ ವಿದ್ಯಾರ್ಥಿ ಸಂಘವನ್ನು ಚಿಂತಕರು ಉದ್ಘಾಟಿಸಿದರು. ವಿದ್ಯಾರ್ಥಿಗಳು ಶಿಕ್ಷಣದ ಜೊತೆಗೆ ಪಠ್ಯೇತರ ಚಟುವಟಿಕೆಗಳಲ್ಲೂ ಭಾಗವಹಿಸಬೇಕು ಎಂದು ಸಲಹೆ ನೀಡಿದರು. ಶಾಲೆಯ ಶಿಕ್ಷಕರು ಹಾಗೂ ವಿದ್ಯಾರ್ಥಿಗಳು ಉಪಸ್ಥಿತರಿದ್ದರು.
